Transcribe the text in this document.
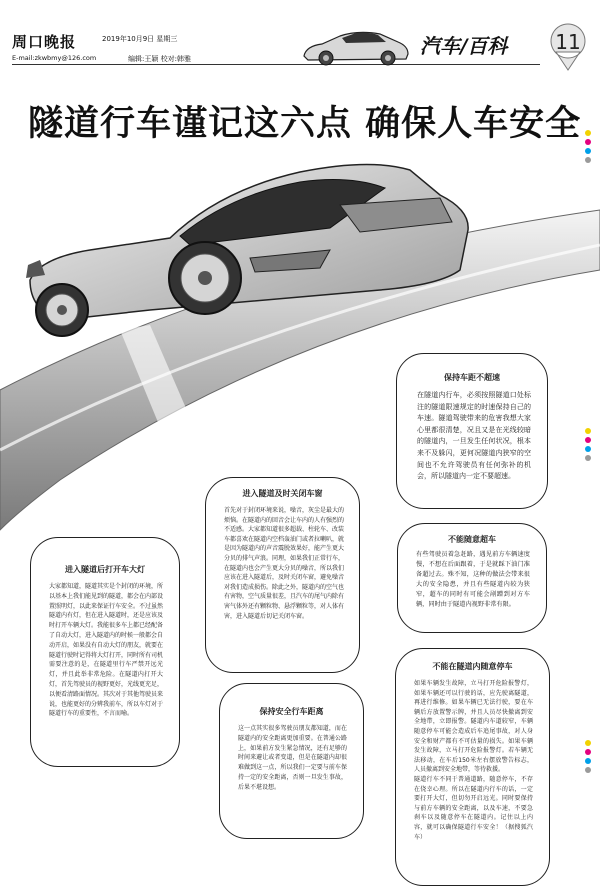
周口晚报	2019年10月9日 星期三
E-mail:zkwbmy@126.com	编辑:王颖 校对:韩雅
汽车/百科	11
隧道行车谨记这六点 确保人车安全
保持车距不超速
在隧道内行车，必须按照隧道口处标注的隧道限速规定的时速保持自己的车速。隧道驾驶带来的危害我想大家心里都很清楚，况且又是在光线较暗的隧道内，一旦发生任何状况，根本来不及躲闪，更何况隧道内狭窄的空间也不允许驾驶员有任何弥补的机会，所以隧道内一定不要超速。
进入隧道及时关闭车窗
首先对于封闭环境来说，噪音，灰尘是最大的烦恼。在隧道内的回音会让车内的人有强烈的不适感。大家都知道很多超载、柱轮车、改装车都喜欢在隧道内空档轰油门或者拉喇叭，就是因为隧道内的声音震脱效果好，能产生更大分贝的排气声浪。同理，如果我们正常行车，在隧道内也会产生更大分贝的噪音，所以我们应该在进入隧道后，及时关闭车窗，避免噪音对我们造成损伤。除此之外，隧道内的空气也有害物，空气质量很差，且汽车的尾气内除有害气体外还有颗粒物、悬浮颗粒等，对人体有害，进入隧道后切记关闭车窗。
不能随意超车
有些驾驶员着急赶路，遇见前方车辆速度慢，不想在后面跟着，于是就踩下油门准备超过去。殊不知，这种的做法会带来很大的安全隐患，并且有些隧道内较为狭窄，超车的同时有可能会剐蹭到对方车辆，同时由于隧道内视野非常有限。
进入隧道后打开车大灯
大家都知道，隧道其实是个封闭的环境，所以基本上我们能见到的隧道，都会在内部设置照明灯，以此来保证行车安全。不过虽然隧道内有灯，但在进入隧道时，还是应该及时打开车辆大灯。我能很多车上都已经配备了自动大灯，进入隧道内的时候一般都会自动开启，如果没有自动大灯的朋友，就要在隧道行驶时记得将大灯打开，同时所有司机需要注意的是，在隧道里行车严禁开远光灯，并且此举非常危险。在隧道内打开大灯，首先驾驶员的视野更好，光线更充足，以便看清路面情况。其次对于其他驾驶员来说，也能更好的分辨我前车，所以车灯对于隧道行车的重要性，不言而喻。	保持安全行车距离
这一点其实很多驾驶员朋友都知道，而在隧道内的安全距离更加重要。在普通公路上，如果前方发生紧急情况，还有足够的时间来避让或者变道，但是在隧道内却很难做到这一点，所以我们一定要与前车保持一定的安全距离，否则一旦发生事故，后果不堪设想。
不能在隧道内随意停车
如果车辆发生故障，立马打开危险报警灯，如果车辆还可以行驶的话，应先驶离隧道，再进行维修。如果车辆已无法行驶，要在车辆后方放置警示牌，并且人员尽快撤离到安全地带，立即报警。隧道内车道较窄，车辆随意停车可能会造成后车追尾事故，对人身安全和财产都有不可估量的损失。如果车辆发生故障，立马打开危险报警灯。若车辆无法移动，在车后150米左右摆放警告标志，人员撤离到安全地带，等待救援。
隧道行车不同于普通道路，随意停车，不存在侥幸心理。所以在隧道内行车的话，一定要打开大灯，但切勿开启远光。同时要保持与前方车辆的安全距离，以及车速，不要急刹车以及随意停车在隧道内。记住以上内容，就可以确保隧道行车安全！（据搜狐汽车）
